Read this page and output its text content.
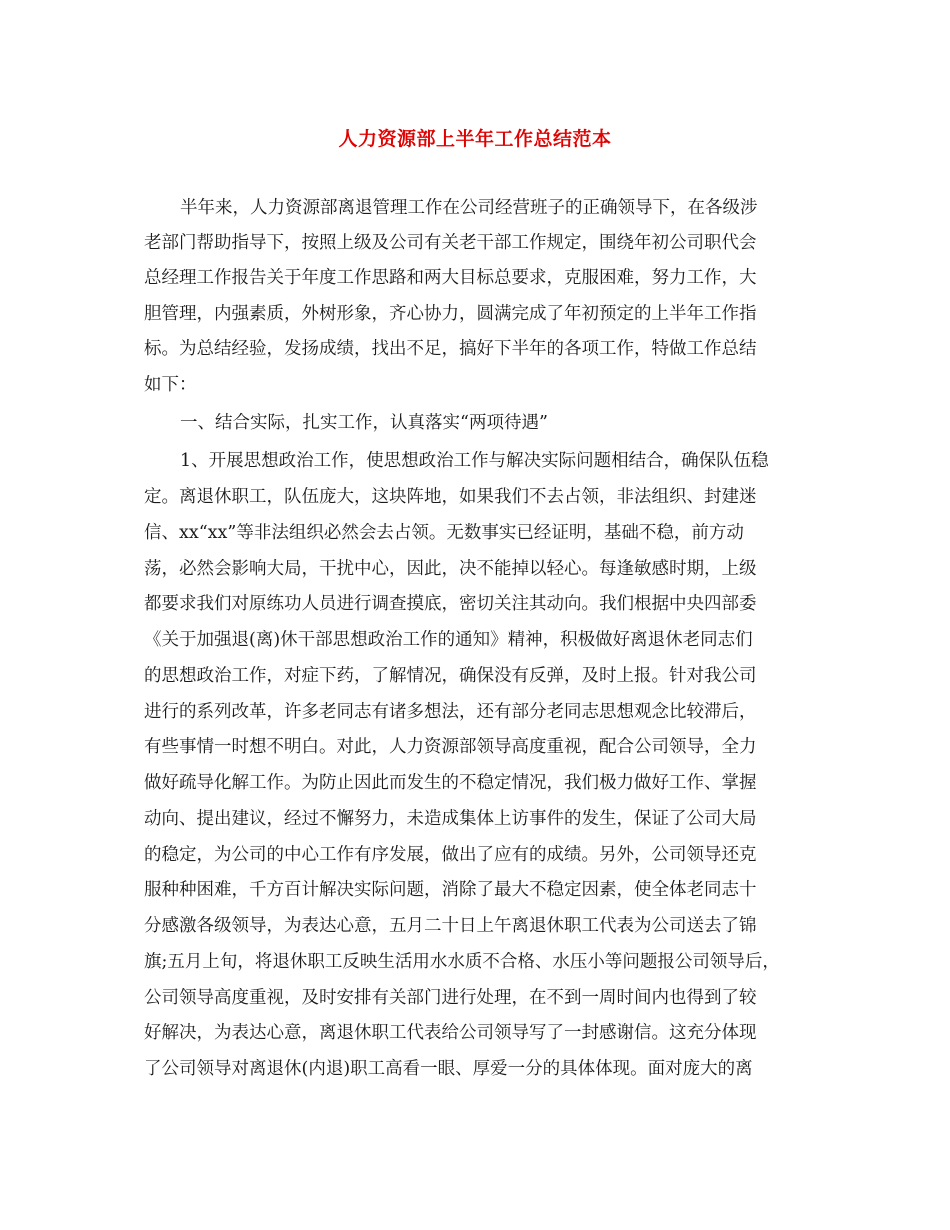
人力资源部上半年工作总结范本
半年来，人力资源部离退管理工作在公司经营班子的正确领导下，在各级涉
老部门帮助指导下，按照上级及公司有关老干部工作规定，围绕年初公司职代会
总经理工作报告关于年度工作思路和两大目标总要求，克服困难，努力工作，大
胆管理，内强素质，外树形象，齐心协力，圆满完成了年初预定的上半年工作指
标。为总结经验，发扬成绩，找出不足，搞好下半年的各项工作，特做工作总结
如下：
一、结合实际，扎实工作，认真落实“两项待遇”
1、开展思想政治工作，使思想政治工作与解决实际问题相结合，确保队伍稳
定。离退休职工，队伍庞大，这块阵地，如果我们不去占领，非法组织、封建迷
信、xx“xx”等非法组织必然会去占领。无数事实已经证明，基础不稳，前方动
荡，必然会影响大局，干扰中心，因此，决不能掉以轻心。每逢敏感时期，上级
都要求我们对原练功人员进行调查摸底，密切关注其动向。我们根据中央四部委
《关于加强退(离)休干部思想政治工作的通知》精神，积极做好离退休老同志们
的思想政治工作，对症下药，了解情况，确保没有反弹，及时上报。针对我公司
进行的系列改革，许多老同志有诸多想法，还有部分老同志思想观念比较滞后，
有些事情一时想不明白。对此，人力资源部领导高度重视，配合公司领导，全力
做好疏导化解工作。为防止因此而发生的不稳定情况，我们极力做好工作、掌握
动向、提出建议，经过不懈努力，未造成集体上访事件的发生，保证了公司大局
的稳定，为公司的中心工作有序发展，做出了应有的成绩。另外，公司领导还克
服种种困难，千方百计解决实际问题，消除了最大不稳定因素，使全体老同志十
分感激各级领导，为表达心意，五月二十日上午离退休职工代表为公司送去了锦
旗;五月上旬，将退休职工反映生活用水水质不合格、水压小等问题报公司领导后，
公司领导高度重视，及时安排有关部门进行处理，在不到一周时间内也得到了较
好解决，为表达心意，离退休职工代表给公司领导写了一封感谢信。这充分体现
了公司领导对离退休(内退)职工高看一眼、厚爱一分的具体体现。面对庞大的离
